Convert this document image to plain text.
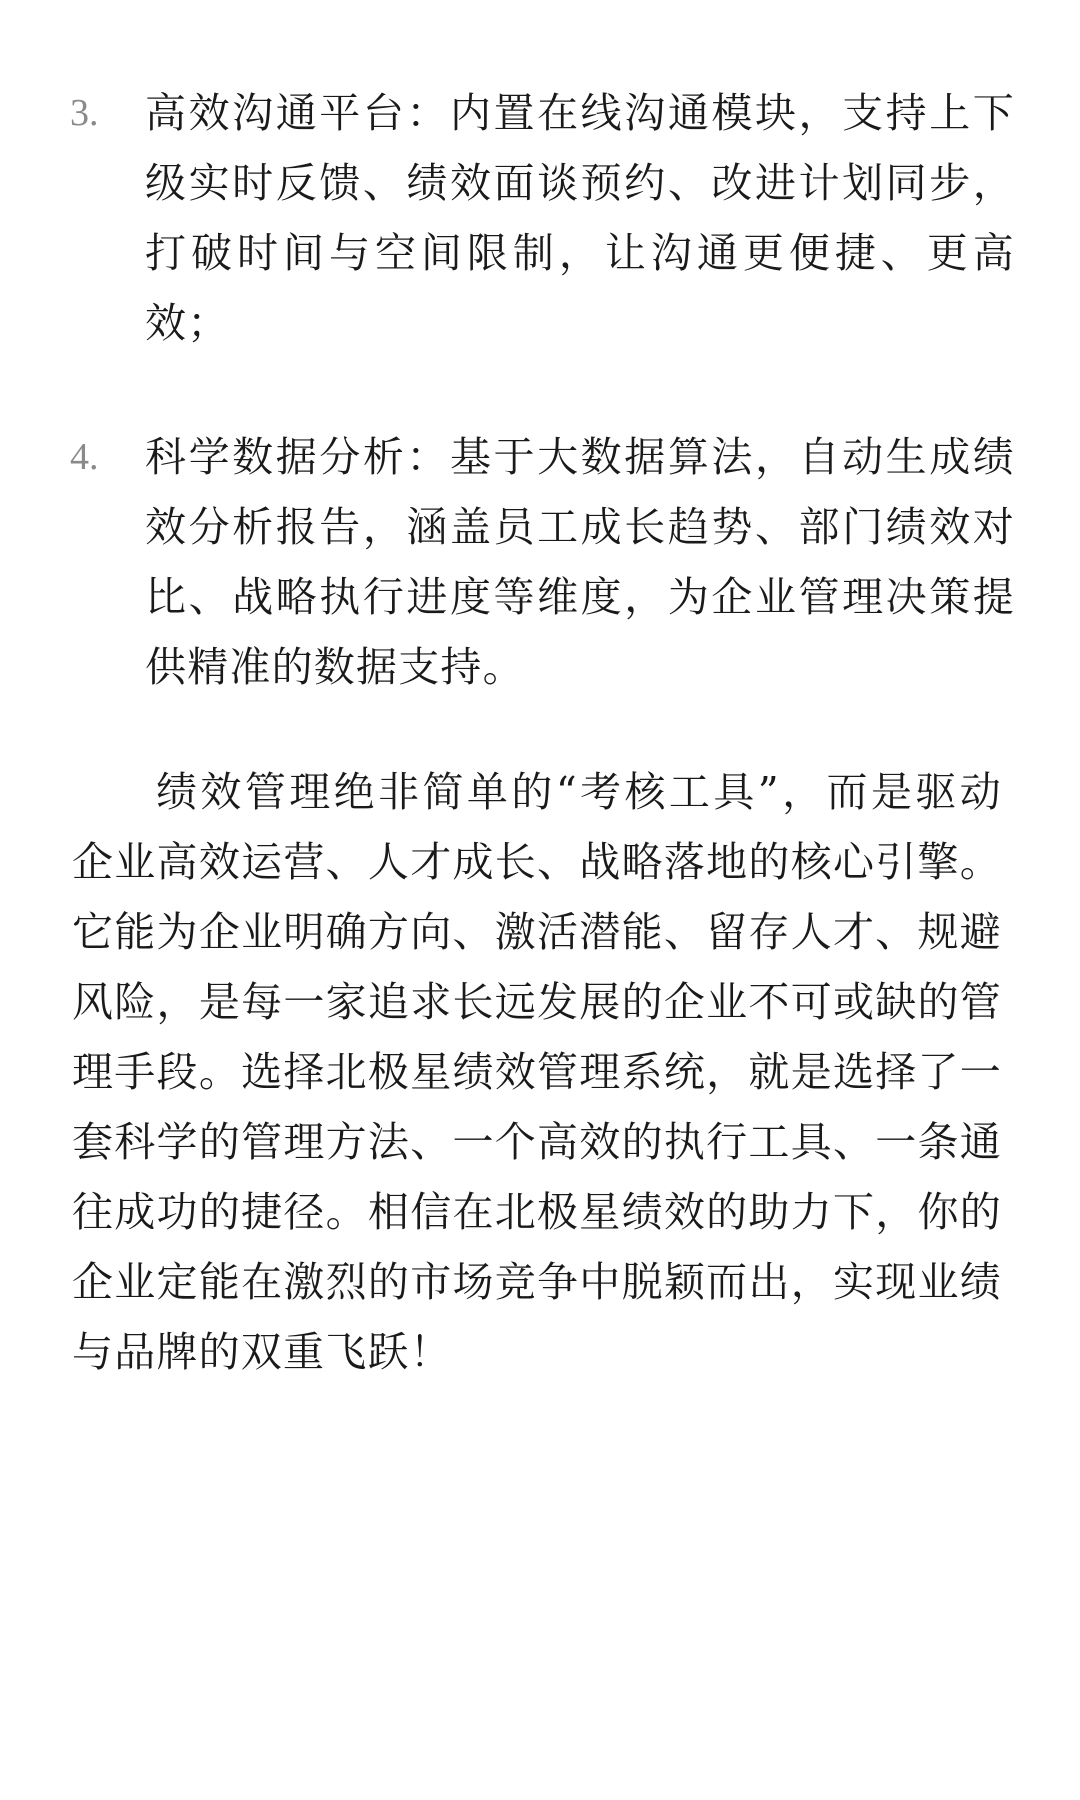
3.	高效沟通平台：内置在线沟通模块，支持上下级实时反馈、绩效面谈预约、改进计划同步，打破时间与空间限制，让沟通更便捷、更高效；
4.	科学数据分析：基于大数据算法，自动生成绩效分析报告，涵盖员工成长趋势、部门绩效对比、战略执行进度等维度，为企业管理决策提供精准的数据支持。

绩效管理绝非简单的“考核工具”，而是驱动企业高效运营、人才成长、战略落地的核心引擎。它能为企业明确方向、激活潜能、留存人才、规避风险，是每一家追求长远发展的企业不可或缺的管理手段。选择北极星绩效管理系统，就是选择了一套科学的管理方法、一个高效的执行工具、一条通往成功的捷径。相信在北极星绩效的助力下，你的企业定能在激烈的市场竞争中脱颖而出，实现业绩与品牌的双重飞跃！
